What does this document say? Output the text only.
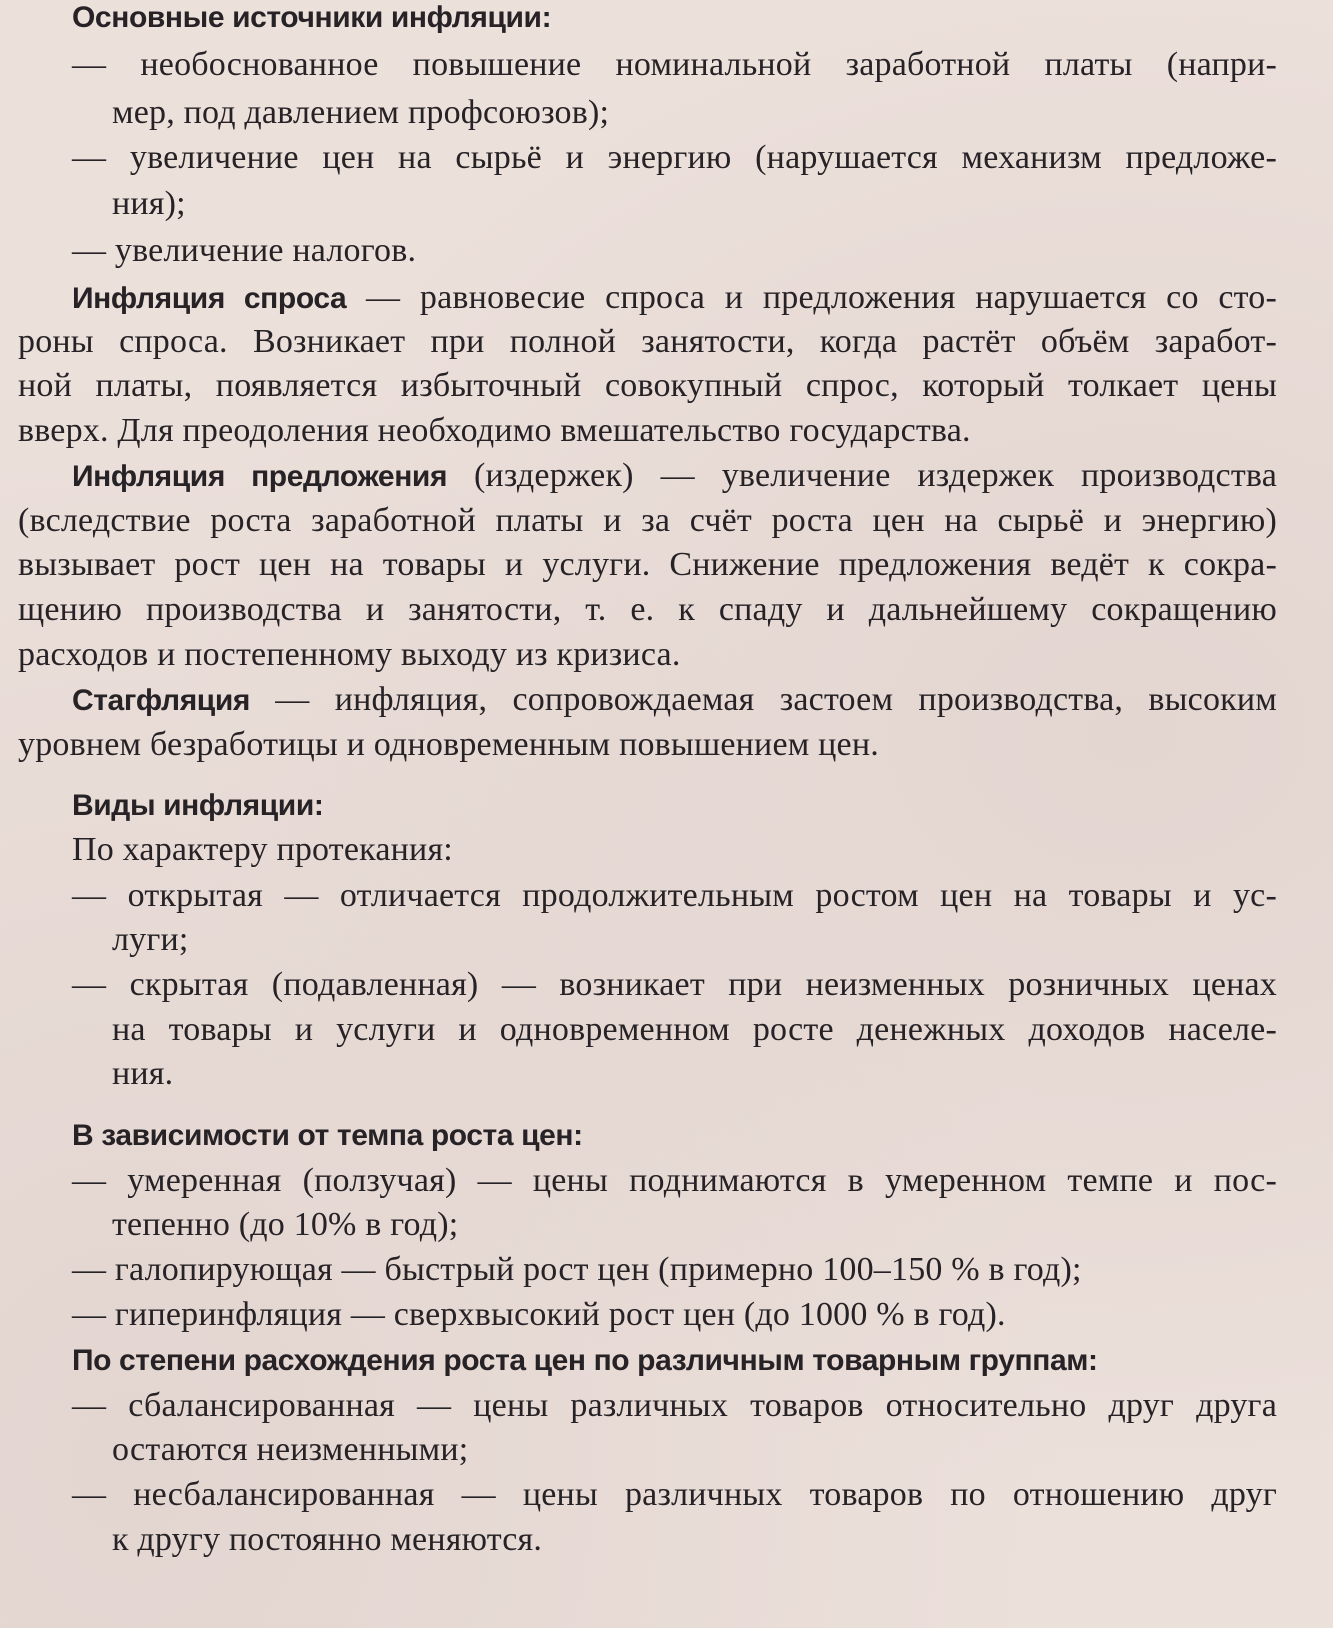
Основные источники инфляции:
— необоснованное повышение номинальной заработной платы (напри-
мер, под давлением профсоюзов);
— увеличение цен на сырьё и энергию (нарушается механизм предложе-
ния);
— увеличение налогов.
Инфляция спроса — равновесие спроса и предложения нарушается со сто-
роны спроса. Возникает при полной занятости, когда растёт объём заработ-
ной платы, появляется избыточный совокупный спрос, который толкает цены
вверх. Для преодоления необходимо вмешательство государства.
Инфляция предложения (издержек) — увеличение издержек производства
(вследствие роста заработной платы и за счёт роста цен на сырьё и энергию)
вызывает рост цен на товары и услуги. Снижение предложения ведёт к сокра-
щению производства и занятости, т. е. к спаду и дальнейшему сокращению
расходов и постепенному выходу из кризиса.
Стагфляция — инфляция, сопровождаемая застоем производства, высоким
уровнем безработицы и одновременным повышением цен.
Виды инфляции:
По характеру протекания:
— открытая — отличается продолжительным ростом цен на товары и ус-
луги;
— скрытая (подавленная) — возникает при неизменных розничных ценах
на товары и услуги и одновременном росте денежных доходов населе-
ния.
В зависимости от темпа роста цен:
— умеренная (ползучая) — цены поднимаются в умеренном темпе и пос-
тепенно (до 10% в год);
— галопирующая — быстрый рост цен (примерно 100–150 % в год);
— гиперинфляция — сверхвысокий рост цен (до 1000 % в год).
По степени расхождения роста цен по различным товарным группам:
— сбалансированная — цены различных товаров относительно друг друга
остаются неизменными;
— несбалансированная — цены различных товаров по отношению друг
к другу постоянно меняются.
